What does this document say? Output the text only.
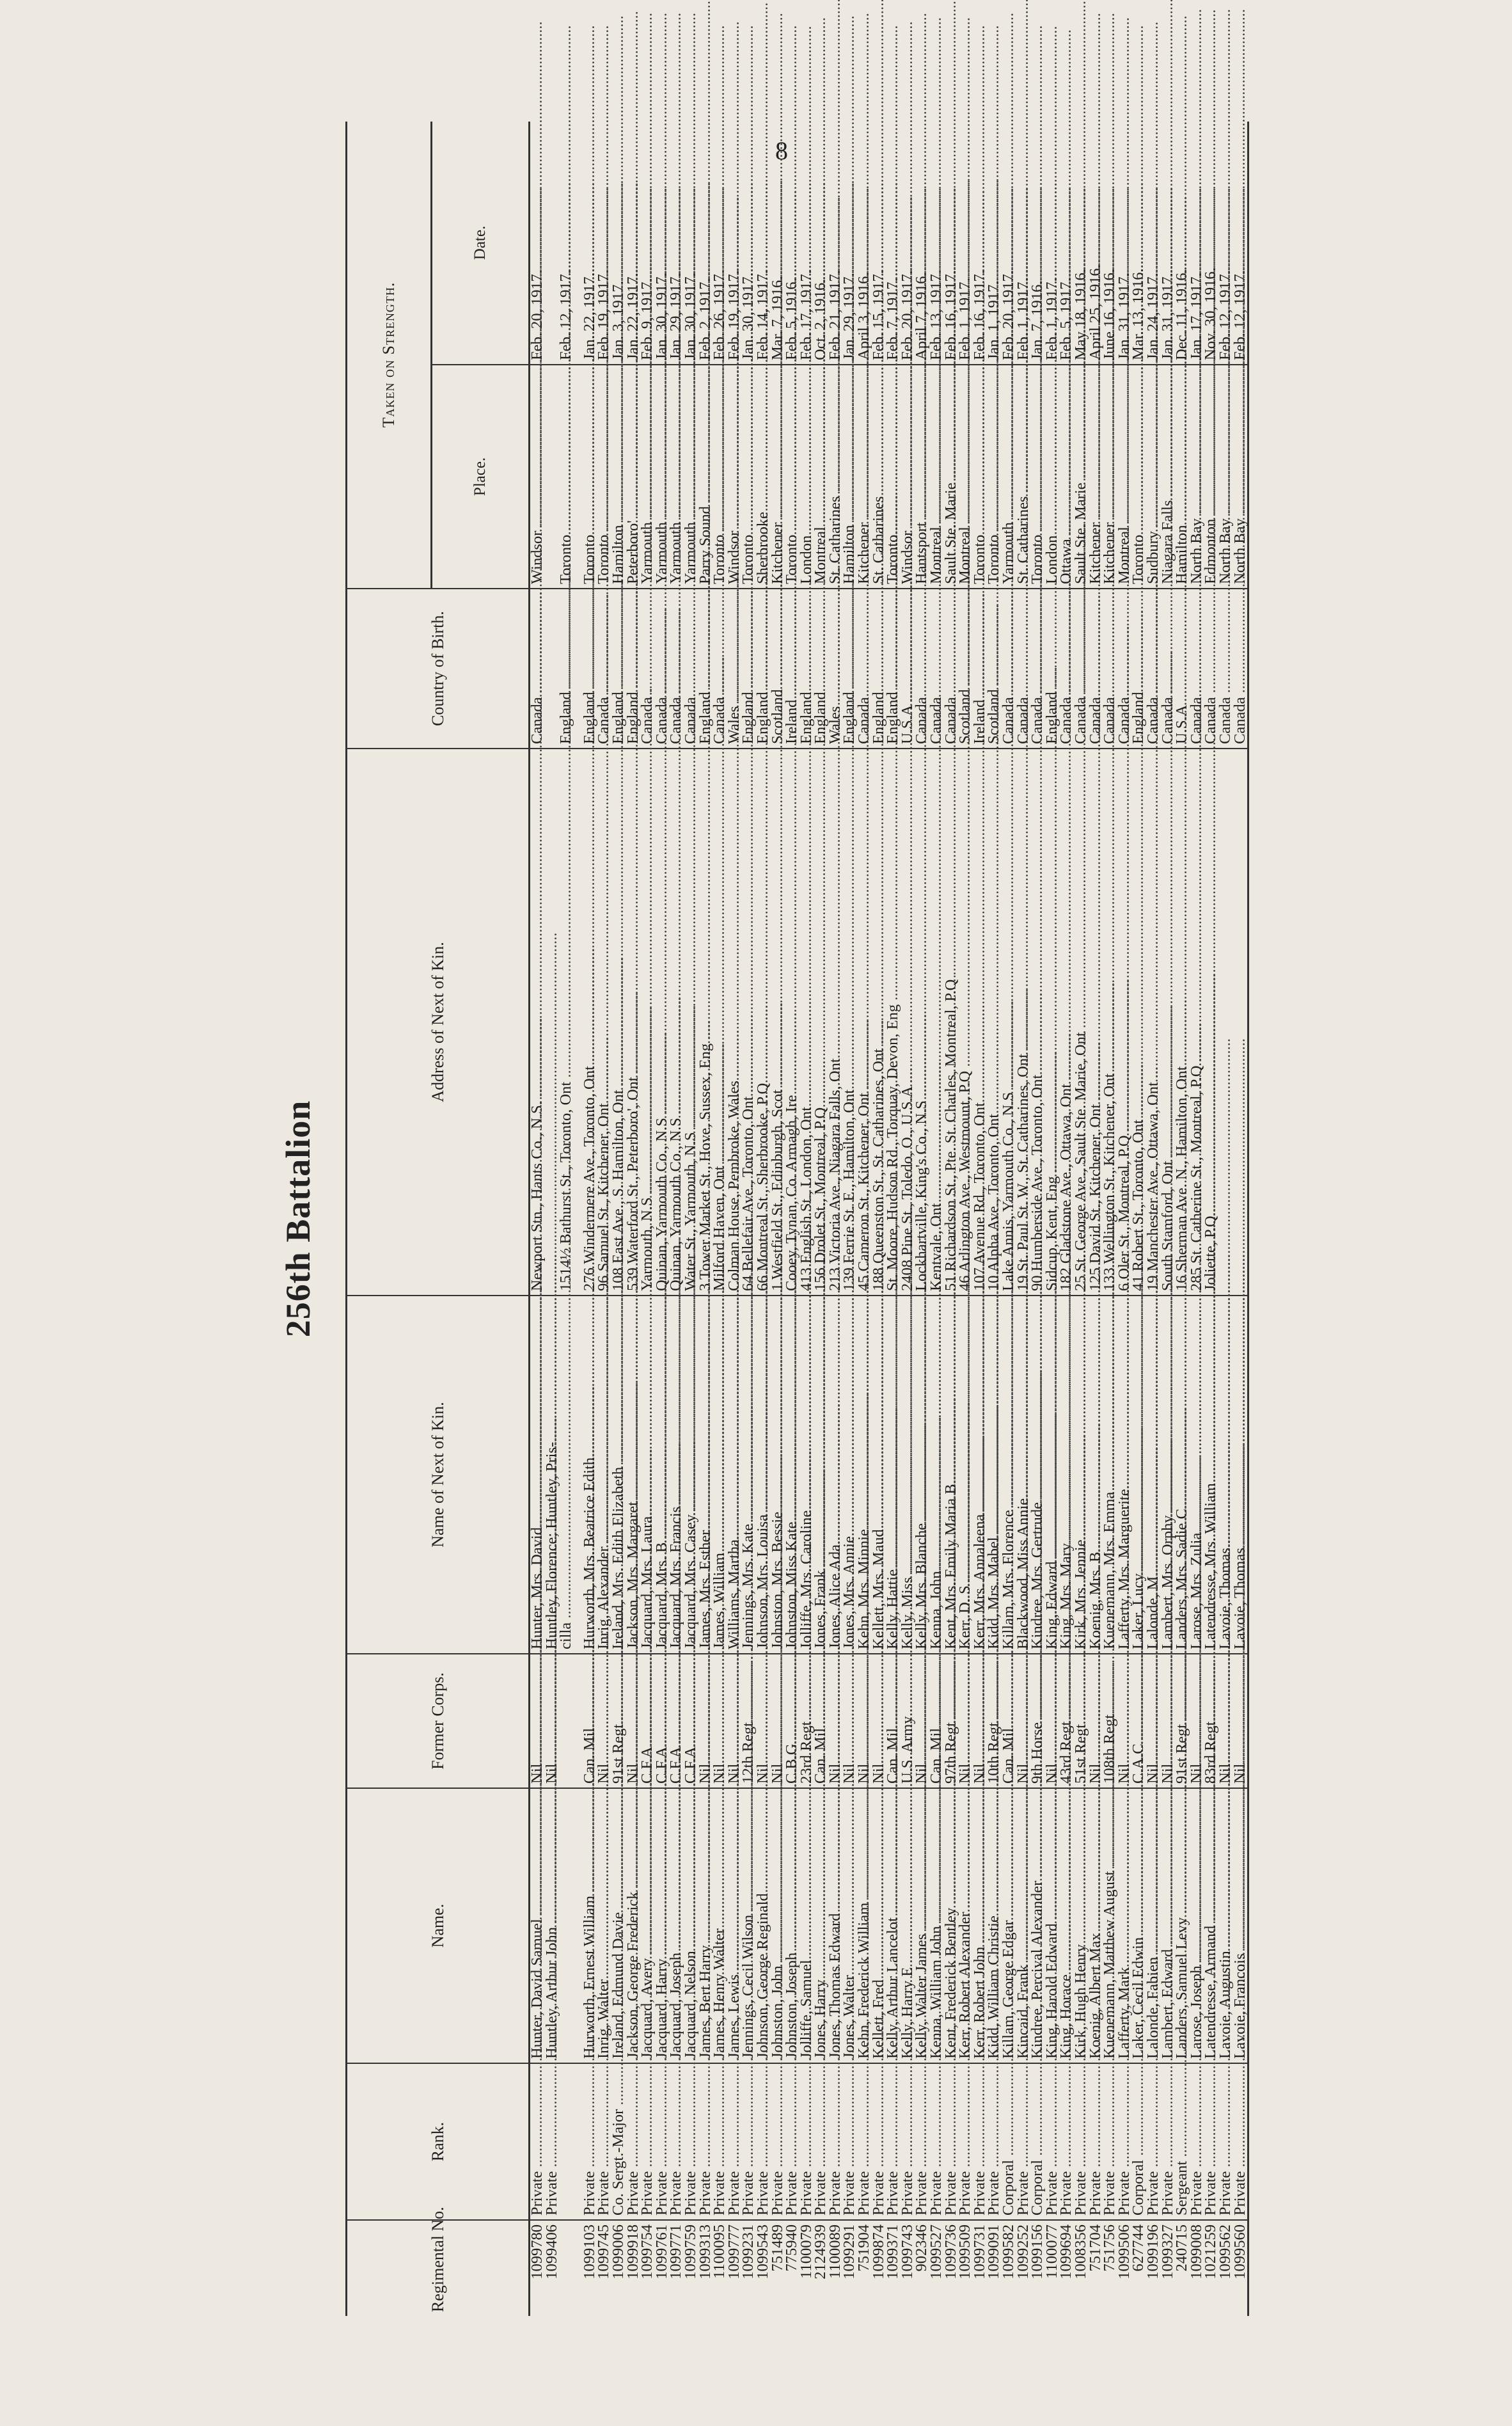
8
256th Battalion
Regimental No.	Rank.	Name.	Former Corps.	Name of Next of Kin.	Address of Next of Kin.	Country of Birth.	Taken on Strength.	
							Place.	Date.
1099780	Private .....	Hunter, David Samuel .....	Nil .....	Hunter, Mrs. David .....	Newport Stn., Hants Co., N.S. .....	Canada .....	Windsor .....	Feb. 20, 1917.
1099406	Private .....	Huntley, Arthur John .....	Nil .....	Huntley, Florence; Huntley, Pris- .....				
				cilla .....	1514½ Bathurst St., Toronto, Ont .....	England .....	Toronto .....	Feb. 12, 1917.

1099103	Private .....	Hurworth, Ernest William .....	Can. Mil .....	Hurworth, Mrs. Beatrice Edith .....	276 Windermere Ave., Toronto, Ont .....	England .....	Toronto .....	Jan. 22, 1917.
1099745	Private .....	Inrig, Walter .....	Nil .....	Inrig, Alexander .....	96 Samuel St., Kitchener, Ont .....	Canada .....	Toronto .....	Feb. 19, 1917.
1099006	Co. Sergt.-Major .....	Ireland, Edmund Davie .....	91st Regt .....	Ireland, Mrs. Edith Elizabeth .....	108 East Ave., S. Hamilton, Ont .....	England .....	Hamilton .....	Jan. 3, 1917.
1099918	Private .....	Jackson, George Frederick .....	Nil .....	Jackson, Mrs. Margaret .....	539 Waterford St., Peterboro', Ont .....	England .....	Peterboro' .....	Jan. 22, 1917.
1099754	Private .....	Jacquard, Avery .....	C.F.A .....	Jacquard, Mrs. Laura .....	Yarmouth, N.S .....	Canada .....	Yarmouth .....	Feb. 9, 1917.
1099761	Private .....	Jacquard, Harry .....	C.F.A .....	Jacquard, Mrs. B .....	Quinan, Yarmouth Co., N.S .....	Canada .....	Yarmouth .....	Jan. 30, 1917.
1099771	Private .....	Jacquard, Joseph .....	C.F.A .....	Jacquard, Mrs. Francis .....	Quinan, Yarmouth Co., N.S .....	Canada .....	Yarmouth .....	Jan. 29, 1917.
1099759	Private .....	Jacquard, Nelson .....	C.F.A .....	Jacquard, Mrs. Casey .....	Water St., Yarmouth, N.S .....	Canada .....	Yarmouth .....	Jan. 30, 1917.
1099313	Private .....	James, Bert Harry .....	Nil .....	James, Mrs. Esther .....	3 Tower Market St., Hove, Sussex, Eng .....	England .....	Parry Sound .....	Feb. 2, 1917.
1100095	Private .....	James, Henry Walter .....	Nil .....	James, William .....	Milford Haven, Ont .....	Canada .....	Toronto .....	Feb. 26, 1917.
1099777	Private .....	James, Lewis .....	Nil .....	Williams, Martha .....	Colman House, Pembroke, Wales .....	Wales .....	Windsor .....	Feb. 19, 1917.
1099231	Private .....	Jennings, Cecil Wilson .....	12th Regt .....	Jennings, Mrs. Kate .....	64 Bellefair Ave., Toronto, Ont .....	England .....	Toronto .....	Jan. 30, 1917.
1099543	Private .....	Johnson, George Reginald .....	Nil .....	Johnson, Mrs. Louisa .....	66 Montreal St., Sherbrooke, P.Q .....	England .....	Sherbrooke .....	Feb. 14, 1917.
751489	Private .....	Johnston, John .....	Nil .....	Johnston, Mrs. Bessie .....	1 Westfield St., Edinburgh, Scot .....	Scotland .....	Kitchener .....	Mar. 7, 1916.
775940	Private .....	Johnston, Joseph .....	C.B.G .....	Johnston, Miss Kate .....	Cooey, Tynan, Co. Armagh, Ire .....	Ireland .....	Toronto .....	Feb. 5, 1916.
1100079	Private .....	Jolliffe, Samuel .....	23rd Regt .....	Jolliffe, Mrs. Caroline .....	413 English St., London, Ont .....	England .....	London .....	Feb. 17, 1917.
2124939	Private .....	Jones, Harry .....	Can. Mil .....	Jones, Frank .....	156 Drolet St., Montreal, P.Q .....	England .....	Montreal .....	Oct. 2, 1916.
1100089	Private .....	Jones, Thomas Edward .....	Nil .....	Jones, Alice Ada .....	213 Victoria Ave., Niagara Falls, Ont .....	Wales .....	St. Catharines .....	Feb. 21, 1917.
1099291	Private .....	Jones, Walter .....	Nil .....	Jones, Mrs. Annie .....	139 Ferrie St. E., Hamilton, Ont .....	England .....	Hamilton .....	Jan. 29, 1917.
751904	Private .....	Kehn, Frederick William .....	Nil .....	Kehn, Mrs. Minnie .....	45 Cameron St., Kitchener, Ont .....	Canada .....	Kitchener .....	April 3, 1916.
1099874	Private .....	Kellett, Fred .....	Nil .....	Kellett, Mrs. Maud .....	188 Queenston St., St. Catharines, Ont .....	England .....	St. Catharines .....	Feb. 15, 1917.
1099371	Private .....	Kelly, Arthur Lancelot .....	Can. Mil .....	Kelly, Hattie .....	St. Moore, Hudson Rd., Torquay, Devon, Eng .....	England .....	Toronto .....	Feb. 7, 1917.
1099743	Private .....	Kelly, Harry E .....	U.S. Army .....	Kelly, Miss .....	2408 Pine St., Toledo, O., U.S.A .....	U.S.A .....	Windsor .....	Feb. 20, 1917.
902346	Private .....	Kelly, Walter James .....	Nil .....	Kelly, Mrs. Blanche .....	Lockhartville, King's Co., N.S .....	Canada .....	Hantsport .....	April 7, 1916.
1099527	Private .....	Kenna, William John .....	Can. Mil .....	Kenna, John .....	Kentvale, Ont .....	Canada .....	Montreal .....	Feb. 13, 1917.
1099736	Private .....	Kent, Frederick Bentley .....	97th Regt .....	Kent, Mrs. Emily Maria B .....	51 Richardson St., Pte. St. Charles, Montreal, P.Q .....	Canada .....	Sault Ste. Marie .....	Feb. 16, 1917.
1099509	Private .....	Kerr, Robert Alexander .....	Nil .....	Kerr, D. S .....	46 Arlington Ave., Westmount, P.Q .....	Scotland .....	Montreal .....	Feb. 1, 1917.
1099731	Private .....	Kerr, Robert John .....	Nil .....	Kerr, Mrs. Annaleena .....	107 Avenue Rd., Toronto, Ont .....	Ireland .....	Toronto .....	Feb. 16, 1917.
1099091	Private .....	Kidd, William Christie .....	10th Regt .....	Kidd, Mrs. Mabel .....	10 Alpha Ave., Toronto, Ont .....	Scotland .....	Toronto .....	Jan. 1, 1917.
1099582	Corporal .....	Killam, George Edgar .....	Can. Mil .....	Killam, Mrs. Florence .....	Lake Annis, Yarmouth Co., N.S .....	Canada .....	Yarmouth .....	Feb. 20, 1917.
1099252	Private .....	Kincaid, Frank .....	Nil .....	Blackwood, Miss Annie .....	19 St. Paul St. W., St. Catharines, Ont .....	Canada .....	St. Catharines .....	Feb. 1, 1917.
1099156	Corporal .....	Kindree, Percival Alexander .....	9th Horse .....	Kindree, Mrs. Gertrude .....	90 Humberside Ave., Toronto, Ont .....	Canada .....	Toronto .....	Jan. 7, 1916.
1100077	Private .....	King, Harold Edward .....	Nil .....	King, Edward .....	Sidcup, Kent, Eng .....	England .....	London .....	Feb. 1, 1917.
1099694	Private .....	King, Horace .....	43rd Regt .....	King, Mrs. Mary .....	182 Gladstone Ave., Ottawa, Ont .....	Canada .....	Ottawa .....	Feb. 5, 1917.
1008356	Private .....	Kirk, Hugh Henry .....	51st Regt .....	Kirk, Mrs. Jennie .....	25 St. George Ave., Sault Ste. Marie, Ont .....	Canada .....	Sault Ste. Marie .....	May 18, 1916.
751704	Private .....	Koenig, Albert Max .....	Nil .....	Koenig, Mrs. B .....	125 David St., Kitchener, Ont .....	Canada .....	Kitchener .....	April 25, 1916.
751756	Private .....	Kuenemann, Matthew August .....	108th Regt .....	Kuenemann, Mrs. Emma .....	133 Wellington St., Kitchener, Ont .....	Canada .....	Kitchener .....	June 16, 1916.
1099506	Private .....	Lafferty, Mark .....	Nil .....	Lafferty, Mrs. Marguerite .....	6 Oler St., Montreal, P.Q .....	Canada .....	Montreal .....	Jan. 31, 1917.
627744	Corporal .....	Laker, Cecil Edwin .....	C.A.C .....	Laker, Lucy .....	41 Robert St., Toronto, Ont .....	England .....	Toronto .....	Mar. 13, 1916.
1099196	Private .....	Lalonde, Fabien .....	Nil .....	Lalonde, M .....	19 Manchester Ave., Ottawa, Ont .....	Canada .....	Sudbury .....	Jan. 24, 1917.
1099327	Private .....	Lambert, Edward .....	Nil .....	Lambert, Mrs. Orphy .....	South Stamford, Ont .....	Canada .....	Niagara Falls .....	Jan. 31, 1917.
240715	Sergeant .....	Landers, Samuel Levy .....	91st Regt .....	Landers, Mrs. Sadie C .....	16 Sherman Ave. N., Hamilton, Ont .....	U.S.A .....	Hamilton .....	Dec. 11, 1916.
1099008	Private .....	Larose, Joseph .....	Nil .....	Larose, Mrs. Zulia .....	285 St. Catherine St., Montreal, P.Q .....	Canada .....	North Bay .....	Jan. 17, 1917.
1021259	Private .....	Latendresse, Armand .....	83rd Regt .....	Latendresse, Mrs. William .....	Joliette, P.Q .....	Canada .....	Edmonton .....	Nov. 30, 1916.
1099562	Private .....	Lavoie, Augustin .....	Nil .....	Lavoie, Thomas .....		Canada .....	North Bay .....	Feb. 12, 1917.
1099560	Private .....	Lavoie, Francois .....	Nil .....	Lavoie, Thomas .....		Canada .....	North Bay .....	Feb. 12, 1917.
